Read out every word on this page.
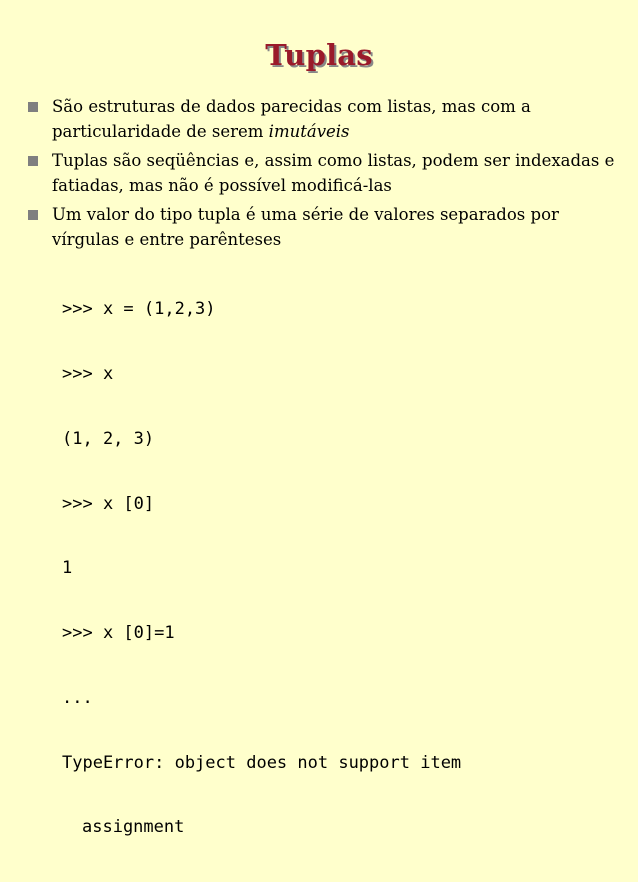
Tuplas
São estruturas de dados parecidas com listas, mas com a particularidade de serem imutáveis
Tuplas são seqüências e, assim como listas, podem ser indexadas e fatiadas, mas não é possível modificá-las
Um valor do tipo tupla é uma série de valores separados por vírgulas e entre parênteses

>>> x = (1,2,3)

>>> x

(1, 2, 3)

>>> x [0]

1

>>> x [0]=1

...

TypeError: object does not support item

assignment
